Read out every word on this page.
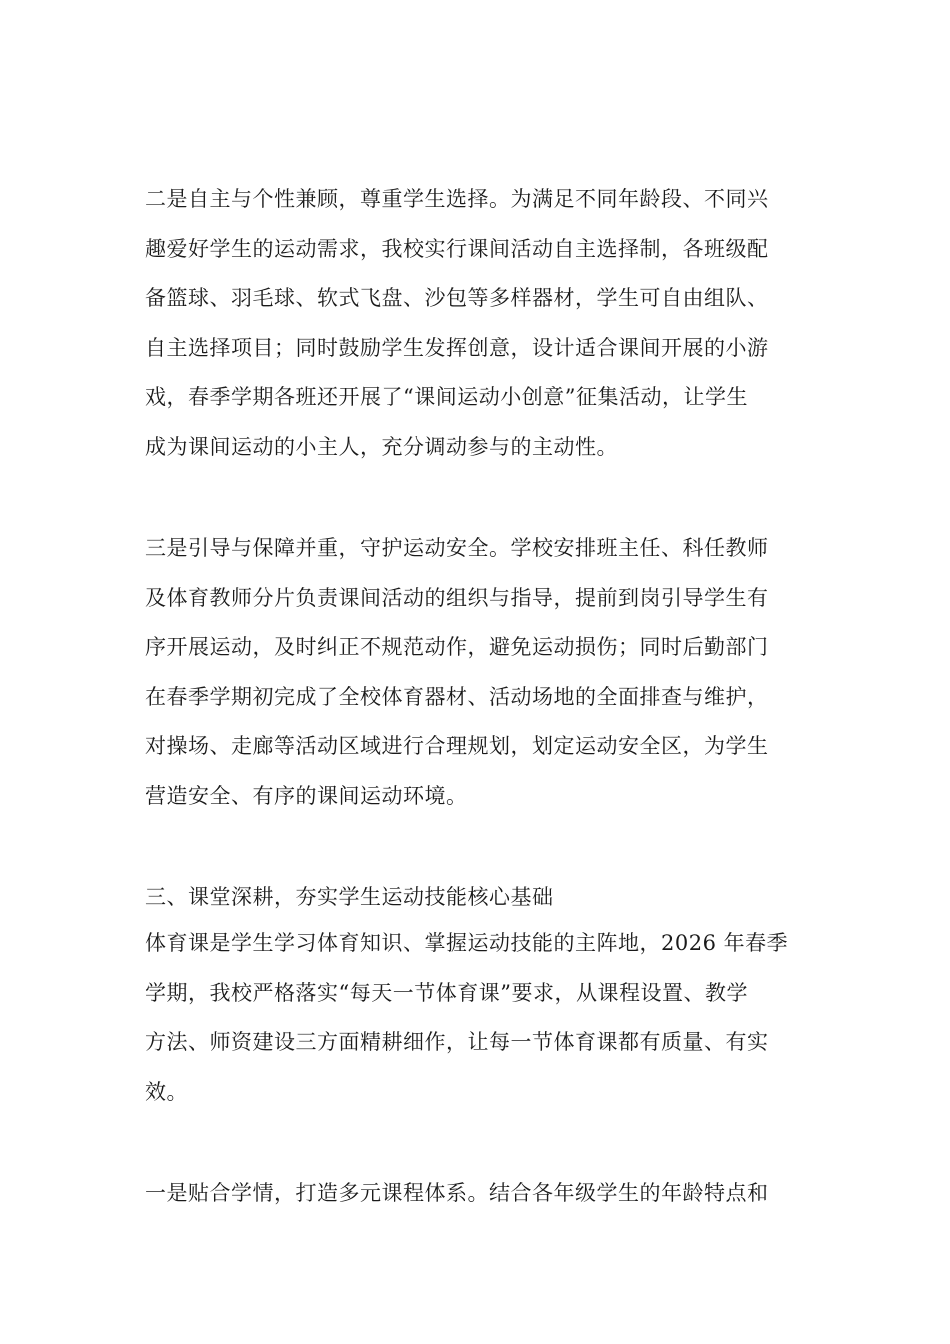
二是自主与个性兼顾，尊重学生选择。为满足不同年龄段、不同兴
趣爱好学生的运动需求，我校实行课间活动自主选择制，各班级配
备篮球、羽毛球、软式飞盘、沙包等多样器材，学生可自由组队、
自主选择项目；同时鼓励学生发挥创意，设计适合课间开展的小游
戏，春季学期各班还开展了“课间运动小创意”征集活动，让学生
成为课间运动的小主人，充分调动参与的主动性。
三是引导与保障并重，守护运动安全。学校安排班主任、科任教师
及体育教师分片负责课间活动的组织与指导，提前到岗引导学生有
序开展运动，及时纠正不规范动作，避免运动损伤；同时后勤部门
在春季学期初完成了全校体育器材、活动场地的全面排查与维护，
对操场、走廊等活动区域进行合理规划，划定运动安全区，为学生
营造安全、有序的课间运动环境。
三、课堂深耕，夯实学生运动技能核心基础
体育课是学生学习体育知识、掌握运动技能的主阵地，2026 年春季
学期，我校严格落实“每天一节体育课”要求，从课程设置、教学
方法、师资建设三方面精耕细作，让每一节体育课都有质量、有实
效。
一是贴合学情，打造多元课程体系。结合各年级学生的年龄特点和
